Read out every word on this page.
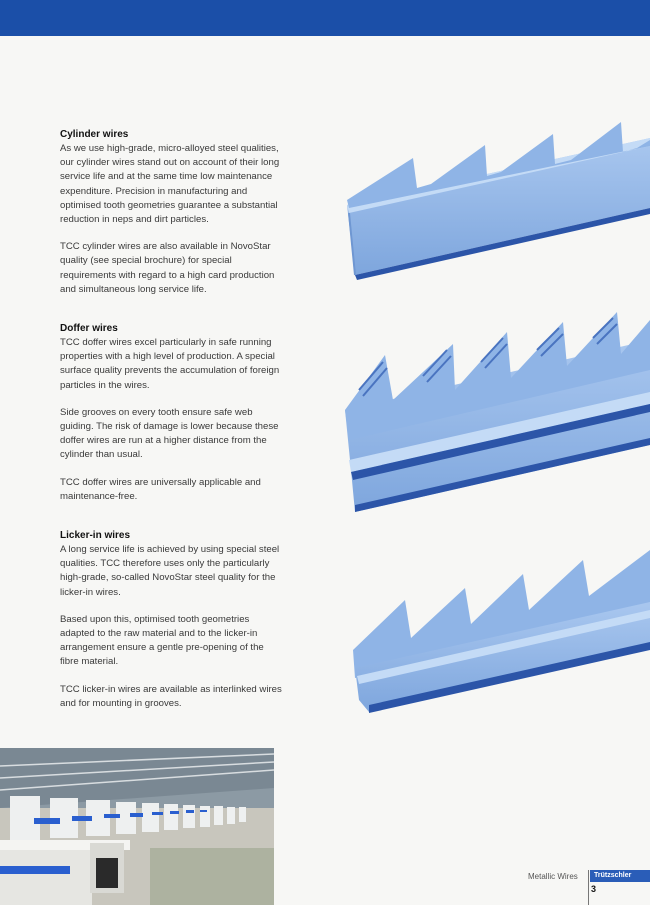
Cylinder wires

As we use high-grade, micro-alloyed steel qualities, our cylinder wires stand out on account of their long service life and at the same time low maintenance expenditure. Precision in manufacturing and optimised tooth geometries guarantee a substantial reduction in neps and dirt particles.

TCC cylinder wires are also available in NovoStar quality (see special brochure) for special requirements with regard to a high card production and simultaneous long service life.

Doffer wires

TCC doffer wires excel particularly in safe running properties with a high level of production. A special surface quality prevents the accumulation of foreign particles in the wires.

Side grooves on every tooth ensure safe web guiding. The risk of damage is lower because these doffer wires are run at a higher distance from the cylinder than usual.

TCC doffer wires are universally applicable and maintenance-free.

Licker-in wires

A long service life is achieved by using special steel qualities. TCC therefore uses only the particularly high-grade, so-called NovoStar steel quality for the licker-in wires.

Based upon this, optimised tooth geometries adapted to the raw material and to the licker-in arrangement ensure a gentle pre-opening of the fibre material.

TCC licker-in wires are available as interlinked wires and for mounting in grooves.

Metallic Wires	Trützschler
3
